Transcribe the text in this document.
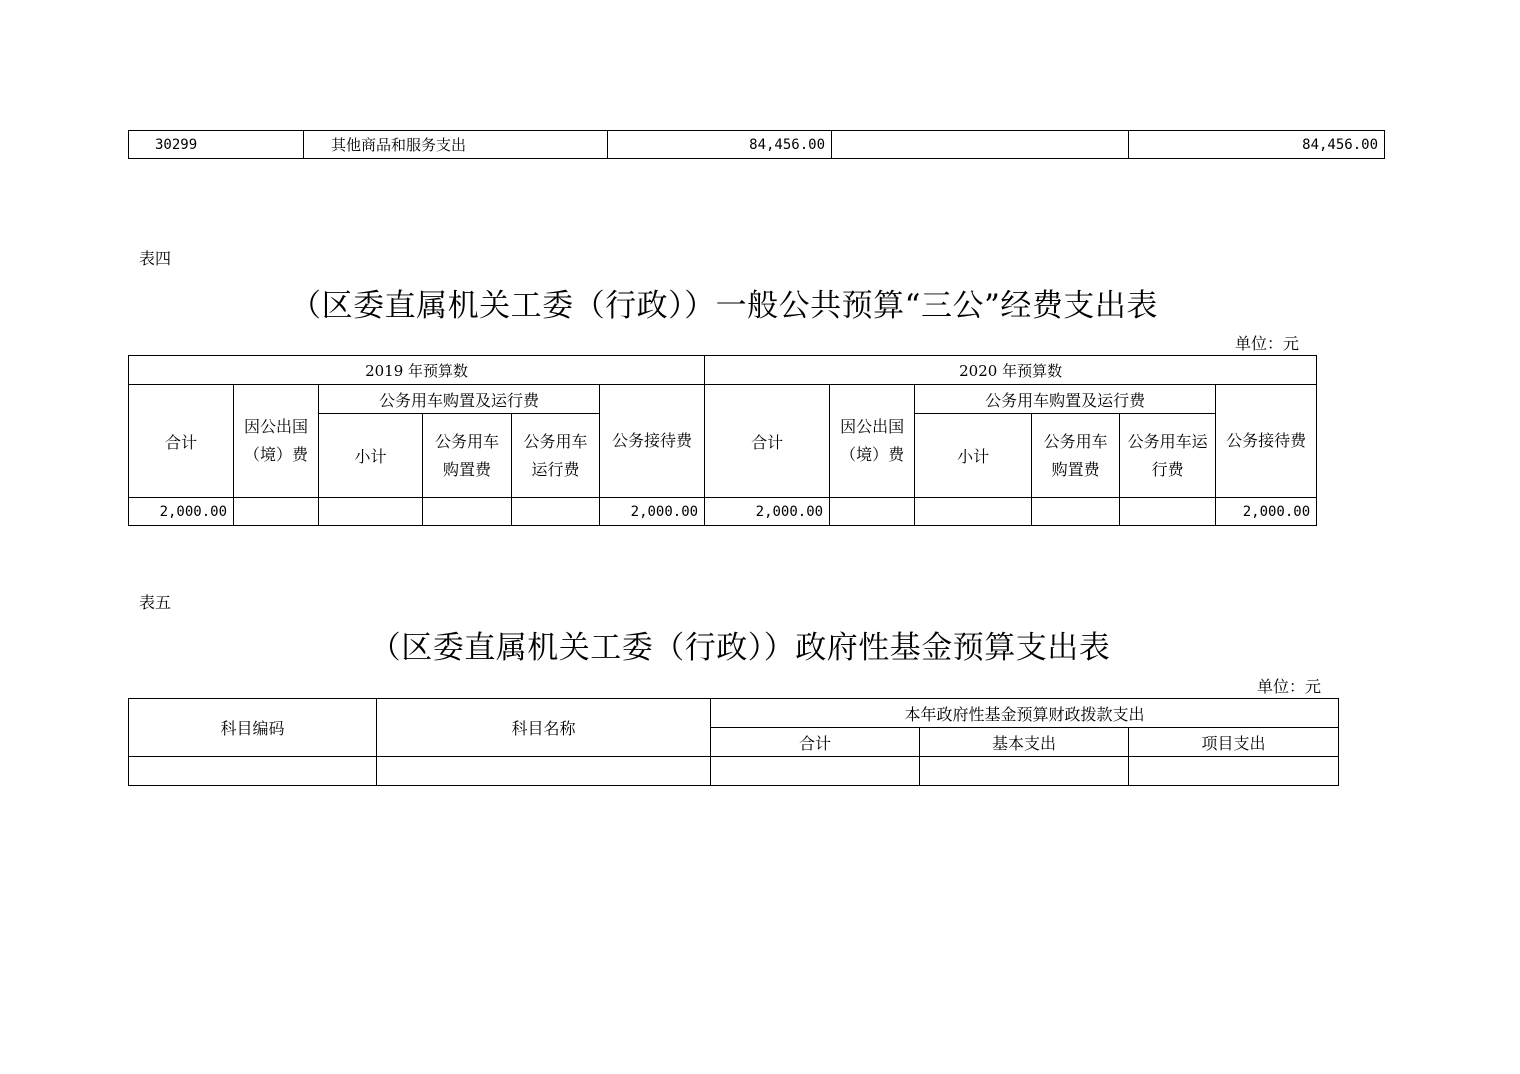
30299	其他商品和服务支出	84,456.00		84,456.00
表四
（区委直属机关工委（行政））一般公共预算“三公”经费支出表
单位：元
2019 年预算数						2020 年预算数					
合计	因公出国（境）费	公务用车购置及运行费			公务接待费	合计	因公出国（境）费	公务用车购置及运行费			公务接待费
		小计	公务用车购置费	公务用车运行费				小计	公务用车购置费	公务用车运行费	
2,000.00					2,000.00	2,000.00					2,000.00
表五
（区委直属机关工委（行政））政府性基金预算支出表
单位：元
科目编码	科目名称	本年政府性基金预算财政拨款支出		
		合计	基本支出	项目支出
